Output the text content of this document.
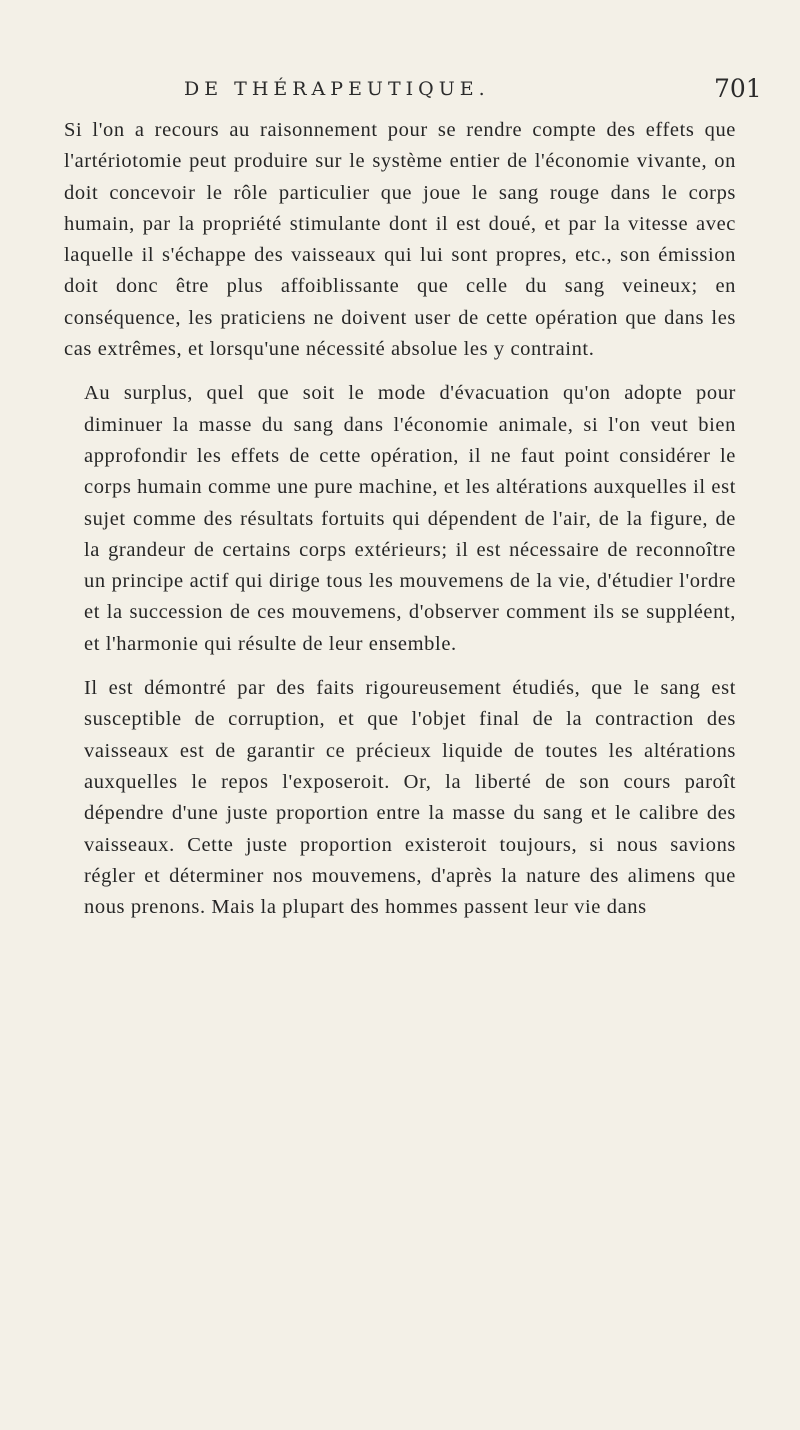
DE THÉRAPEUTIQUE.	701

Si l'on a recours au raisonnement pour se rendre compte des effets que l'artériotomie peut produire sur le système entier de l'économie vivante, on doit concevoir le rôle particulier que joue le sang rouge dans le corps humain, par la propriété stimulante dont il est doué, et par la vitesse avec laquelle il s'échappe des vaisseaux qui lui sont propres, etc., son émission doit donc être plus affoiblissante que celle du sang veineux; en conséquence, les praticiens ne doivent user de cette opération que dans les cas extrêmes, et lorsqu'une nécessité absolue les y contraint.

Au surplus, quel que soit le mode d'évacuation qu'on adopte pour diminuer la masse du sang dans l'économie animale, si l'on veut bien approfondir les effets de cette opération, il ne faut point considérer le corps humain comme une pure machine, et les altérations auxquelles il est sujet comme des résultats fortuits qui dépendent de l'air, de la figure, de la grandeur de certains corps extérieurs; il est nécessaire de reconnoître un principe actif qui dirige tous les mouvemens de la vie, d'étudier l'ordre et la succession de ces mouvemens, d'observer comment ils se suppléent, et l'harmonie qui résulte de leur ensemble.

Il est démontré par des faits rigoureusement étudiés, que le sang est susceptible de corruption, et que l'objet final de la contraction des vaisseaux est de garantir ce précieux liquide de toutes les altérations auxquelles le repos l'exposeroit. Or, la liberté de son cours paroît dépendre d'une juste proportion entre la masse du sang et le calibre des vaisseaux. Cette juste proportion existeroit toujours, si nous savions régler et déterminer nos mouvemens, d'après la nature des alimens que nous prenons. Mais la plupart des hommes passent leur vie dans
